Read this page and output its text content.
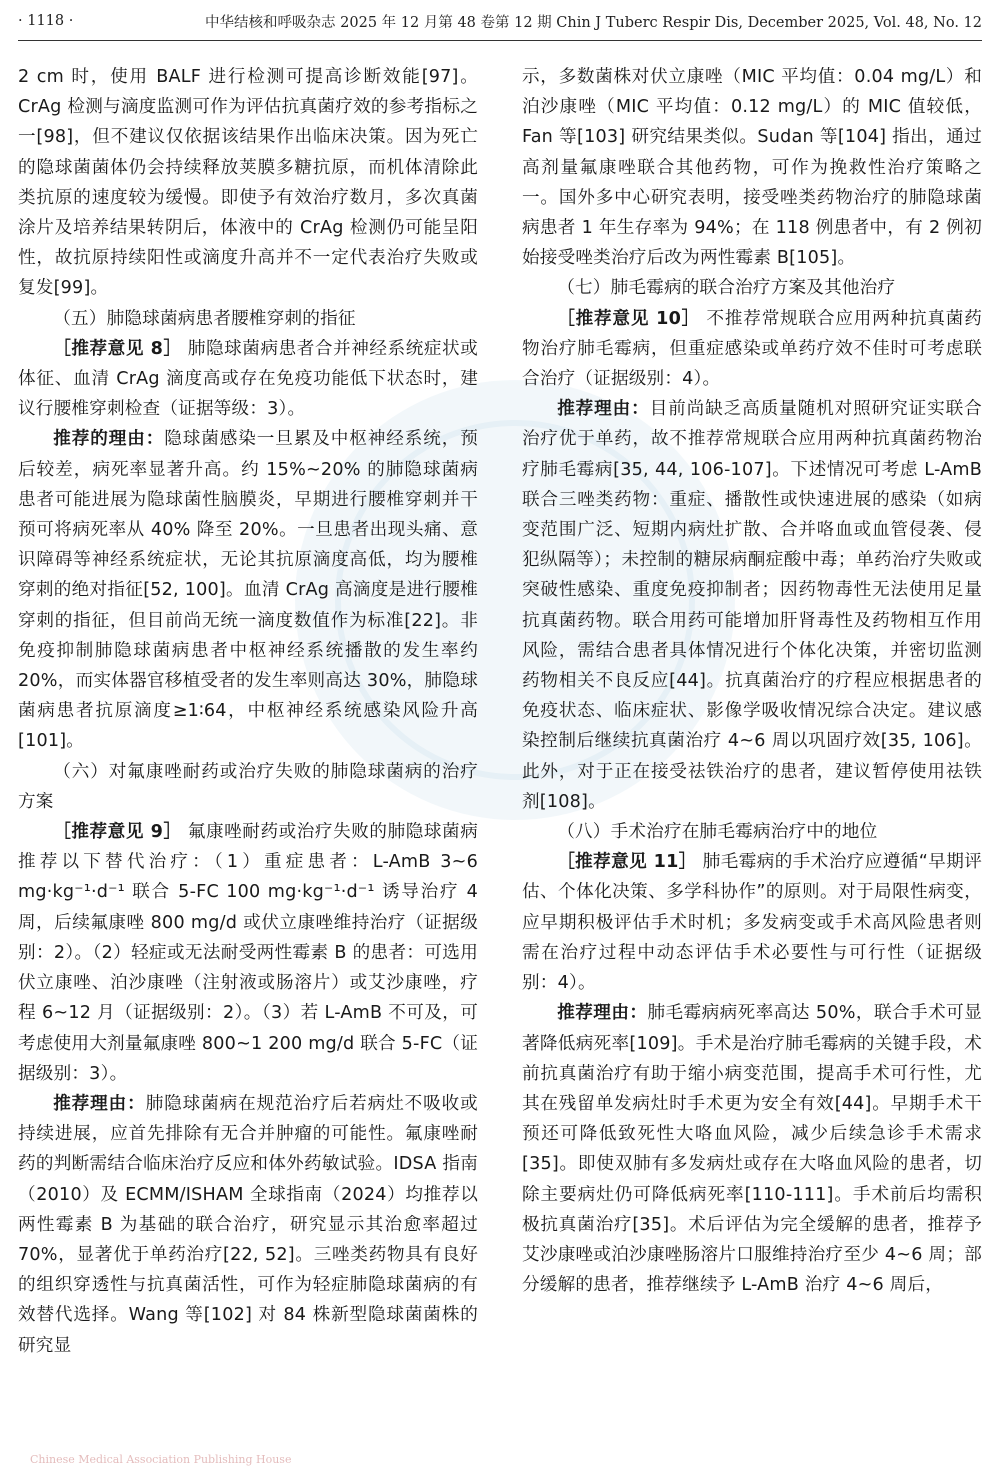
· 1118 ·	中华结核和呼吸杂志 2025 年 12 月第 48 卷第 12 期 Chin J Tuberc Respir Dis, December 2025, Vol. 48, No. 12

2 cm 时，使用 BALF 进行检测可提高诊断效能[97]。CrAg 检测与滴度监测可作为评估抗真菌疗效的参考指标之一[98]，但不建议仅依据该结果作出临床决策。因为死亡的隐球菌菌体仍会持续释放荚膜多糖抗原，而机体清除此类抗原的速度较为缓慢。即使予有效治疗数月，多次真菌涂片及培养结果转阴后，体液中的 CrAg 检测仍可能呈阳性，故抗原持续阳性或滴度升高并不一定代表治疗失败或复发[99]。

（五）肺隐球菌病患者腰椎穿刺的指征

［推荐意见 8］ 肺隐球菌病患者合并神经系统症状或体征、血清 CrAg 滴度高或存在免疫功能低下状态时，建议行腰椎穿刺检查（证据等级：3）。

推荐的理由：隐球菌感染一旦累及中枢神经系统，预后较差，病死率显著升高。约 15%~20% 的肺隐球菌病患者可能进展为隐球菌性脑膜炎，早期进行腰椎穿刺并干预可将病死率从 40% 降至 20%。一旦患者出现头痛、意识障碍等神经系统症状，无论其抗原滴度高低，均为腰椎穿刺的绝对指征[52, 100]。血清 CrAg 高滴度是进行腰椎穿刺的指征，但目前尚无统一滴度数值作为标准[22]。非免疫抑制肺隐球菌病患者中枢神经系统播散的发生率约 20%，而实体器官移植受者的发生率则高达 30%，肺隐球菌病患者抗原滴度≥1∶64，中枢神经系统感染风险升高[101]。

（六）对氟康唑耐药或治疗失败的肺隐球菌病的治疗方案

［推荐意见 9］ 氟康唑耐药或治疗失败的肺隐球菌病推荐以下替代治疗：（1）重症患者：L-AmB 3~6 mg·kg⁻¹·d⁻¹ 联合 5-FC 100 mg·kg⁻¹·d⁻¹ 诱导治疗 4 周，后续氟康唑 800 mg/d 或伏立康唑维持治疗（证据级别：2）。（2）轻症或无法耐受两性霉素 B 的患者：可选用伏立康唑、泊沙康唑（注射液或肠溶片）或艾沙康唑，疗程 6~12 月（证据级别：2）。（3）若 L-AmB 不可及，可考虑使用大剂量氟康唑 800~1 200 mg/d 联合 5-FC（证据级别：3）。

推荐理由：肺隐球菌病在规范治疗后若病灶不吸收或持续进展，应首先排除有无合并肿瘤的可能性。氟康唑耐药的判断需结合临床治疗反应和体外药敏试验。IDSA 指南（2010）及 ECMM/ISHAM 全球指南（2024）均推荐以两性霉素 B 为基础的联合治疗，研究显示其治愈率超过 70%，显著优于单药治疗[22, 52]。三唑类药物具有良好的组织穿透性与抗真菌活性，可作为轻症肺隐球菌病的有效替代选择。Wang 等[102] 对 84 株新型隐球菌菌株的研究显

示，多数菌株对伏立康唑（MIC 平均值：0.04 mg/L）和泊沙康唑（MIC 平均值：0.12 mg/L）的 MIC 值较低，Fan 等[103] 研究结果类似。Sudan 等[104] 指出，通过高剂量氟康唑联合其他药物，可作为挽救性治疗策略之一。国外多中心研究表明，接受唑类药物治疗的肺隐球菌病患者 1 年生存率为 94%；在 118 例患者中，有 2 例初始接受唑类治疗后改为两性霉素 B[105]。

（七）肺毛霉病的联合治疗方案及其他治疗

［推荐意见 10］ 不推荐常规联合应用两种抗真菌药物治疗肺毛霉病，但重症感染或单药疗效不佳时可考虑联合治疗（证据级别：4）。

推荐理由：目前尚缺乏高质量随机对照研究证实联合治疗优于单药，故不推荐常规联合应用两种抗真菌药物治疗肺毛霉病[35, 44, 106-107]。下述情况可考虑 L-AmB 联合三唑类药物：重症、播散性或快速进展的感染（如病变范围广泛、短期内病灶扩散、合并咯血或血管侵袭、侵犯纵隔等）；未控制的糖尿病酮症酸中毒；单药治疗失败或突破性感染、重度免疫抑制者；因药物毒性无法使用足量抗真菌药物。联合用药可能增加肝肾毒性及药物相互作用风险，需结合患者具体情况进行个体化决策，并密切监测药物相关不良反应[44]。抗真菌治疗的疗程应根据患者的免疫状态、临床症状、影像学吸收情况综合决定。建议感染控制后继续抗真菌治疗 4~6 周以巩固疗效[35, 106]。此外，对于正在接受祛铁治疗的患者，建议暂停使用祛铁剂[108]。

（八）手术治疗在肺毛霉病治疗中的地位

［推荐意见 11］ 肺毛霉病的手术治疗应遵循“早期评估、个体化决策、多学科协作”的原则。对于局限性病变，应早期积极评估手术时机；多发病变或手术高风险患者则需在治疗过程中动态评估手术必要性与可行性（证据级别：4）。

推荐理由：肺毛霉病病死率高达 50%，联合手术可显著降低病死率[109]。手术是治疗肺毛霉病的关键手段，术前抗真菌治疗有助于缩小病变范围，提高手术可行性，尤其在残留单发病灶时手术更为安全有效[44]。早期手术干预还可降低致死性大咯血风险，减少后续急诊手术需求[35]。即使双肺有多发病灶或存在大咯血风险的患者，切除主要病灶仍可降低病死率[110-111]。手术前后均需积极抗真菌治疗[35]。术后评估为完全缓解的患者，推荐予艾沙康唑或泊沙康唑肠溶片口服维持治疗至少 4~6 周；部分缓解的患者，推荐继续予 L-AmB 治疗 4~6 周后，

Chinese Medical Association Publishing House
